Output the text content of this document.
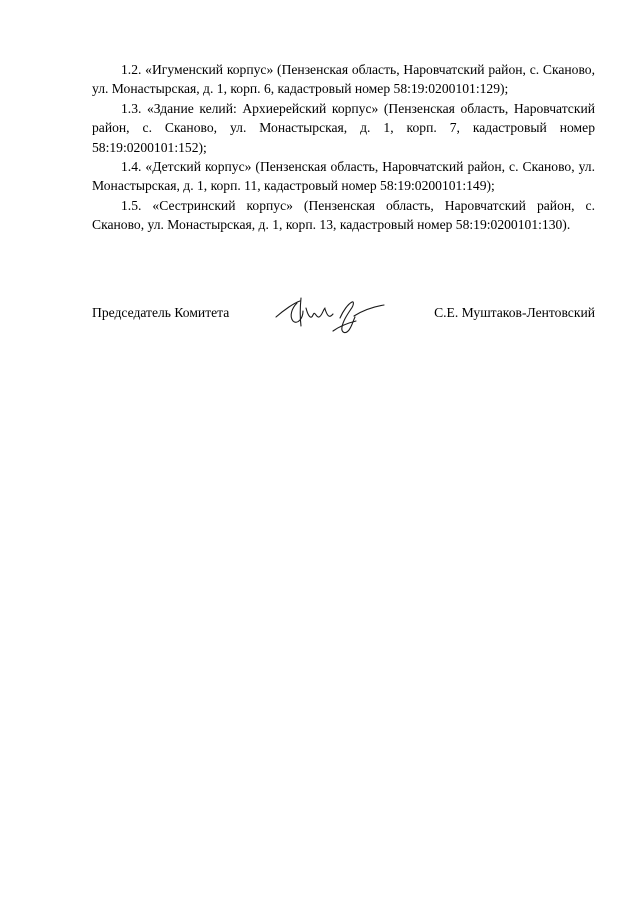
1.2. «Игуменский корпус» (Пензенская область, Наровчатский район, с. Сканово, ул. Монастырская, д. 1, корп. 6, кадастровый номер 58:19:0200101:129);

1.3. «Здание келий: Архиерейский корпус» (Пензенская область, Наровчатский район, с. Сканово, ул. Монастырская, д. 1, корп. 7, кадастровый номер 58:19:0200101:152);

1.4. «Детский корпус» (Пензенская область, Наровчатский район, с. Сканово, ул. Монастырская, д. 1, корп. 11, кадастровый номер 58:19:0200101:149);

1.5. «Сестринский корпус» (Пензенская область, Наровчатский район, с. Сканово, ул. Монастырская, д. 1, корп. 13, кадастровый номер 58:19:0200101:130).

Председатель Комитета	С.Е. Муштаков-Лентовский
